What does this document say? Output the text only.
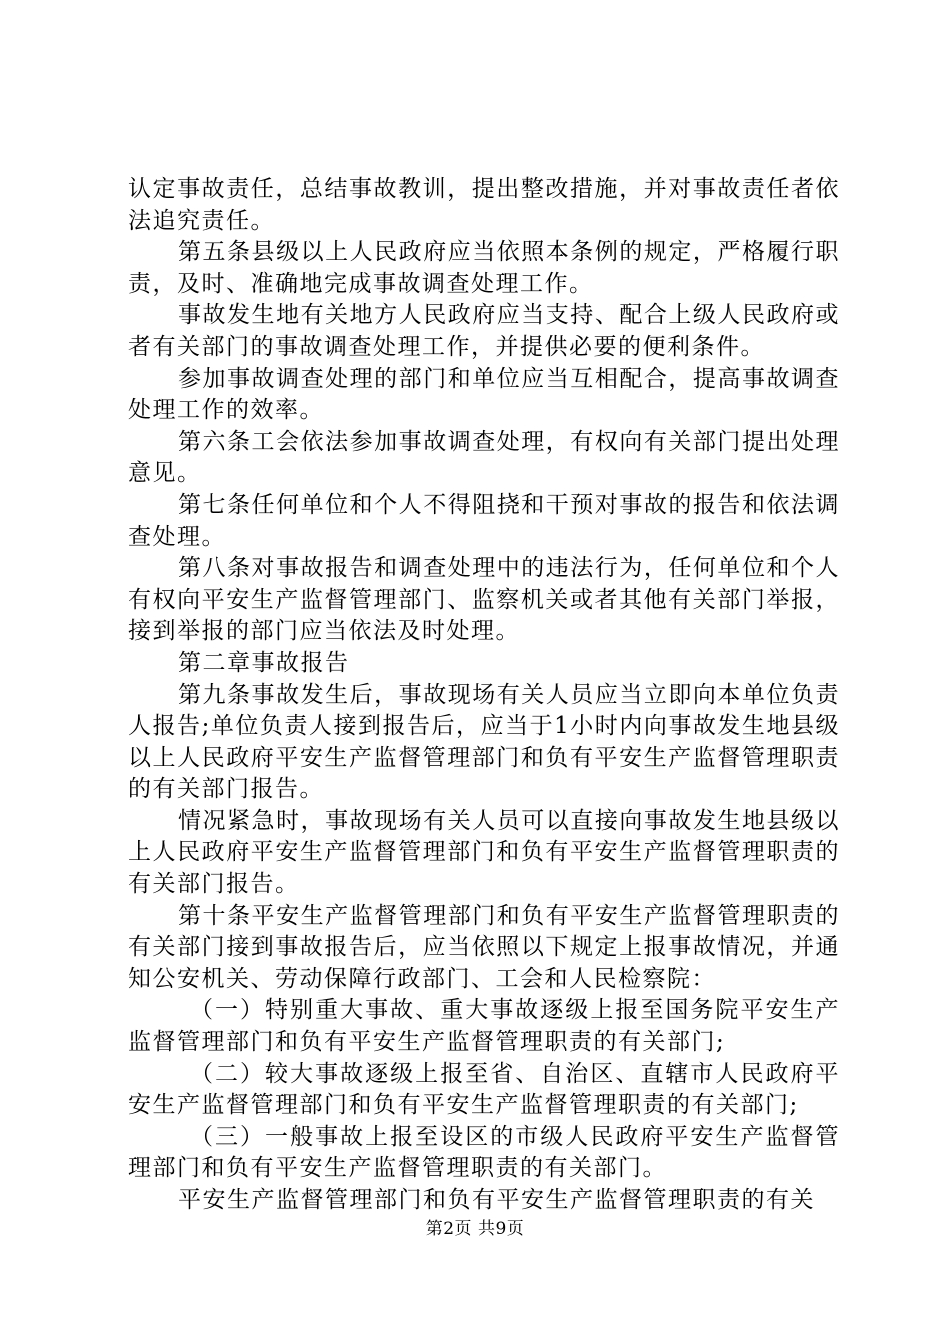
认定事故责任，总结事故教训，提出整改措施，并对事故责任者依法追究责任。

第五条县级以上人民政府应当依照本条例的规定，严格履行职责，及时、准确地完成事故调查处理工作。

事故发生地有关地方人民政府应当支持、配合上级人民政府或者有关部门的事故调查处理工作，并提供必要的便利条件。

参加事故调查处理的部门和单位应当互相配合，提高事故调查处理工作的效率。

第六条工会依法参加事故调查处理，有权向有关部门提出处理意见。

第七条任何单位和个人不得阻挠和干预对事故的报告和依法调查处理。

第八条对事故报告和调查处理中的违法行为，任何单位和个人有权向平安生产监督管理部门、监察机关或者其他有关部门举报，接到举报的部门应当依法及时处理。

第二章事故报告

第九条事故发生后，事故现场有关人员应当立即向本单位负责人报告;单位负责人接到报告后，应当于1小时内向事故发生地县级以上人民政府平安生产监督管理部门和负有平安生产监督管理职责的有关部门报告。

情况紧急时，事故现场有关人员可以直接向事故发生地县级以上人民政府平安生产监督管理部门和负有平安生产监督管理职责的有关部门报告。

第十条平安生产监督管理部门和负有平安生产监督管理职责的有关部门接到事故报告后，应当依照以下规定上报事故情况，并通知公安机关、劳动保障行政部门、工会和人民检察院：

（一）特别重大事故、重大事故逐级上报至国务院平安生产监督管理部门和负有平安生产监督管理职责的有关部门;

（二）较大事故逐级上报至省、自治区、直辖市人民政府平安生产监督管理部门和负有平安生产监督管理职责的有关部门;

（三）一般事故上报至设区的市级人民政府平安生产监督管理部门和负有平安生产监督管理职责的有关部门。

平安生产监督管理部门和负有平安生产监督管理职责的有关

第2页 共9页
